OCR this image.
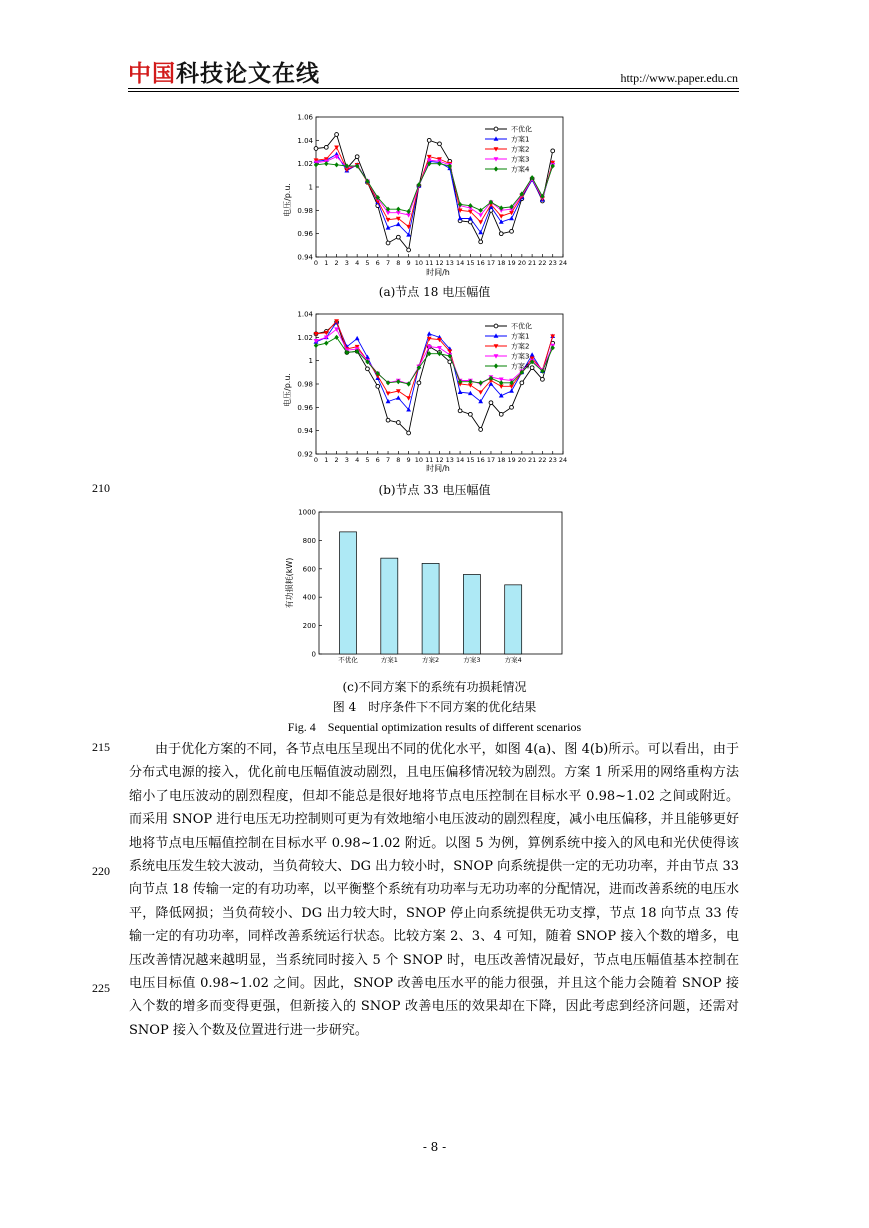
中国科技论文在线	http://www.paper.edu.cn
电压/p.u.
时间/h
0.94
0.96
0.98
1
1.02
1.04
1.06
0 1 2 3 4 5 6 7 8 9 10 11 12 13 14 15 16 17 18 19 20 21 22 23 24
不优化
方案1
方案2
方案3
方案4
(a)节点 18 电压幅值
电压/p.u.
时间/h
0.92
0.94
0.96
0.98
1
1.02
1.04
0 1 2 3 4 5 6 7 8 9 10 11 12 13 14 15 16 17 18 19 20 21 22 23 24
不优化
方案1
方案2
方案3
方案4
210	(b)节点 33 电压幅值
有功损耗(kW)
0
200
400
600
800
1000
不优化	方案1	方案2	方案3	方案4
(c)不同方案下的系统有功损耗情况
图 4　时序条件下不同方案的优化结果
Fig. 4　Sequential optimization results of different scenarios
215
220
225

由于优化方案的不同，各节点电压呈现出不同的优化水平，如图 4(a)、图 4(b)所示。可以看出，由于分布式电源的接入，优化前电压幅值波动剧烈，且电压偏移情况较为剧烈。方案 1 所采用的网络重构方法缩小了电压波动的剧烈程度，但却不能总是很好地将节点电压控制在目标水平 0.98~1.02 之间或附近。而采用 SNOP 进行电压无功控制则可更为有效地缩小电压波动的剧烈程度，减小电压偏移，并且能够更好地将节点电压幅值控制在目标水平 0.98~1.02 附近。以图 5 为例，算例系统中接入的风电和光伏使得该系统电压发生较大波动，当负荷较大、DG 出力较小时，SNOP 向系统提供一定的无功功率，并由节点 33 向节点 18 传输一定的有功功率，以平衡整个系统有功功率与无功功率的分配情况，进而改善系统的电压水平，降低网损；当负荷较小、DG 出力较大时，SNOP 停止向系统提供无功支撑，节点 18 向节点 33 传输一定的有功功率，同样改善系统运行状态。比较方案 2、3、4 可知，随着 SNOP 接入个数的增多，电压改善情况越来越明显，当系统同时接入 5 个 SNOP 时，电压改善情况最好，节点电压幅值基本控制在电压目标值 0.98~1.02 之间。因此，SNOP 改善电压水平的能力很强，并且这个能力会随着 SNOP 接入个数的增多而变得更强，但新接入的 SNOP 改善电压的效果却在下降，因此考虑到经济问题，还需对 SNOP 接入个数及位置进行进一步研究。

- 8 -
